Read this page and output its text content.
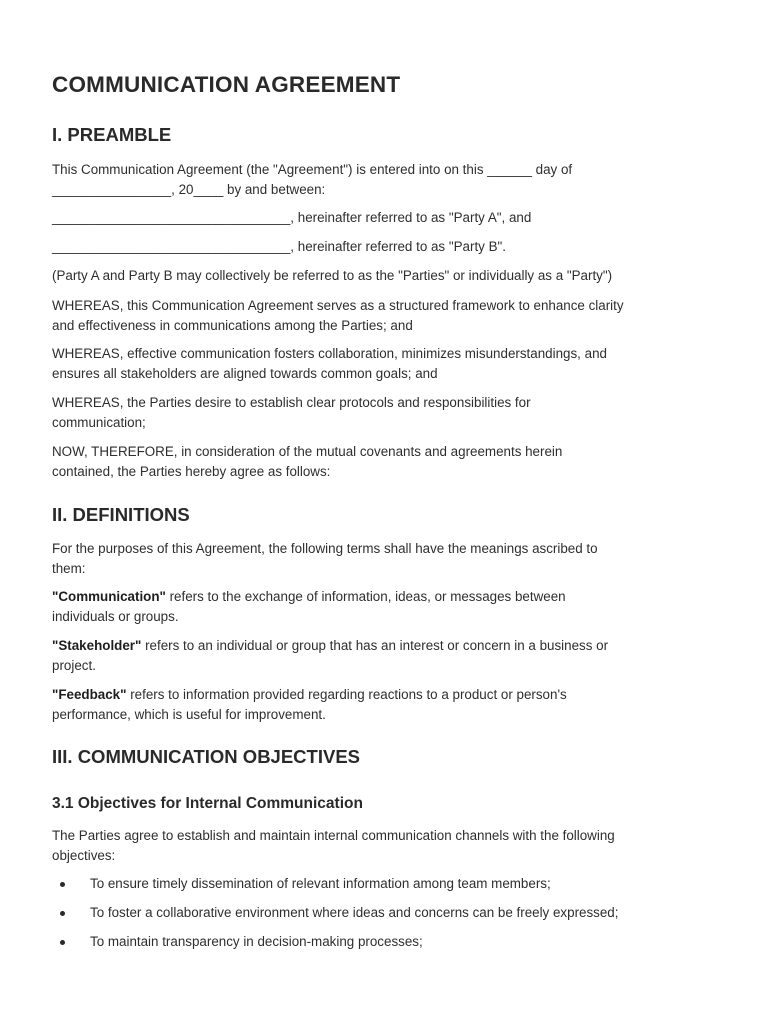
COMMUNICATION AGREEMENT
I. PREAMBLE

This Communication Agreement (the "Agreement") is entered into on this ______ day of
________________, 20____ by and between:

________________________________, hereinafter referred to as "Party A", and

________________________________, hereinafter referred to as "Party B".

(Party A and Party B may collectively be referred to as the "Parties" or individually as a "Party")

WHEREAS, this Communication Agreement serves as a structured framework to enhance clarity
and effectiveness in communications among the Parties; and

WHEREAS, effective communication fosters collaboration, minimizes misunderstandings, and
ensures all stakeholders are aligned towards common goals; and

WHEREAS, the Parties desire to establish clear protocols and responsibilities for
communication;

NOW, THEREFORE, in consideration of the mutual covenants and agreements herein
contained, the Parties hereby agree as follows:

II. DEFINITIONS

For the purposes of this Agreement, the following terms shall have the meanings ascribed to
them:

"Communication" refers to the exchange of information, ideas, or messages between
individuals or groups.

"Stakeholder" refers to an individual or group that has an interest or concern in a business or
project.

"Feedback" refers to information provided regarding reactions to a product or person's
performance, which is useful for improvement.

III. COMMUNICATION OBJECTIVES
3.1 Objectives for Internal Communication

The Parties agree to establish and maintain internal communication channels with the following
objectives:

To ensure timely dissemination of relevant information among team members;
To foster a collaborative environment where ideas and concerns can be freely expressed;
To maintain transparency in decision-making processes;
